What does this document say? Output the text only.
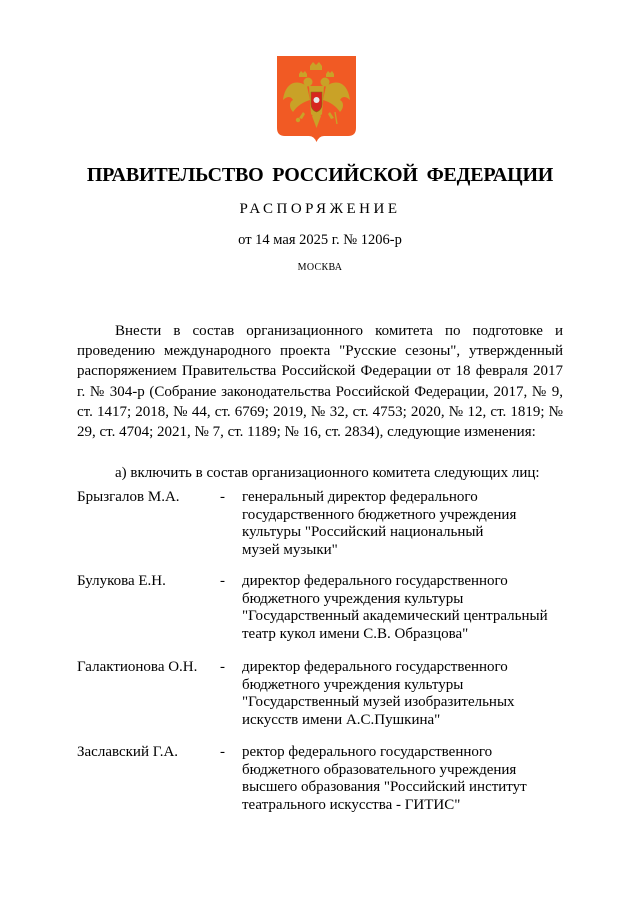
ПРАВИТЕЛЬСТВО РОССИЙСКОЙ ФЕДЕРАЦИИ
РАСПОРЯЖЕНИЕ
от 14 мая 2025 г. № 1206-р
МОСКВА

Внести в состав организационного комитета по подготовке и проведению международного проекта "Русские сезоны", утвержденный распоряжением Правительства Российской Федерации от 18 февраля 2017 г. № 304-р (Собрание законодательства Российской Федерации, 2017, № 9, ст. 1417; 2018, № 44, ст. 6769; 2019, № 32, ст. 4753; 2020, № 12, ст. 1819; № 29, ст. 4704; 2021, № 7, ст. 1189; № 16, ст. 2834), следующие изменения:

а) включить в состав организационного комитета следующих лиц:
Брызгалов М.А.	- генеральный директор федерального
государственного бюджетного учреждения
культуры "Российский национальный
музей музыки"
Булукова Е.Н.	- директор федерального государственного
бюджетного учреждения культуры
"Государственный академический центральный
театр кукол имени С.В. Образцова"
Галактионова О.Н. - директор федерального государственного
бюджетного учреждения культуры
"Государственный музей изобразительных
искусств имени А.С.Пушкина"
Заславский Г.А.	- ректор федерального государственного
бюджетного образовательного учреждения
высшего образования "Российский институт
театрального искусства - ГИТИС"
